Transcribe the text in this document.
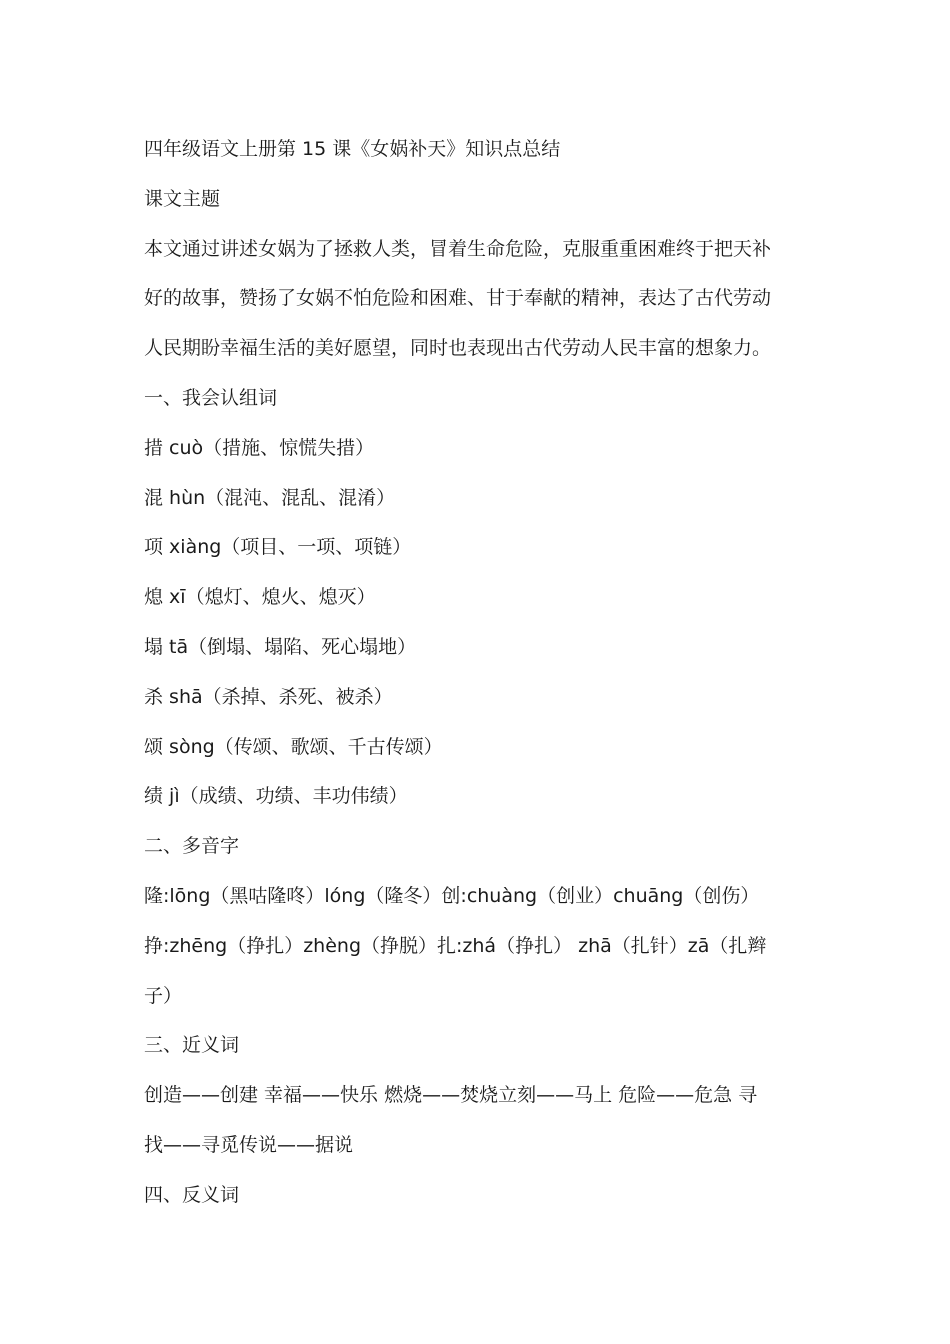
四年级语文上册第 15 课《女娲补天》知识点总结
课文主题
本文通过讲述女娲为了拯救人类，冒着生命危险，克服重重困难终于把天补
好的故事，赞扬了女娲不怕危险和困难、甘于奉献的精神，表达了古代劳动
人民期盼幸福生活的美好愿望，同时也表现出古代劳动人民丰富的想象力。
一、我会认组词
措 cuò（措施、惊慌失措）
混 hùn（混沌、混乱、混淆）
项 xiàng（项目、一项、项链）
熄 xī（熄灯、熄火、熄灭）
塌 tā（倒塌、塌陷、死心塌地）
杀 shā（杀掉、杀死、被杀）
颂 sòng（传颂、歌颂、千古传颂）
绩 jì（成绩、功绩、丰功伟绩）
二、多音字
隆:lōng（黑咕隆咚）lóng（隆冬）创:chuàng（创业）chuāng（创伤）
挣:zhēng（挣扎）zhèng（挣脱）扎:zhá（挣扎） zhā（扎针）zā（扎辫
子）
三、近义词
创造——创建 幸福——快乐 燃烧——焚烧立刻——马上 危险——危急 寻
找——寻觅传说——据说
四、反义词
